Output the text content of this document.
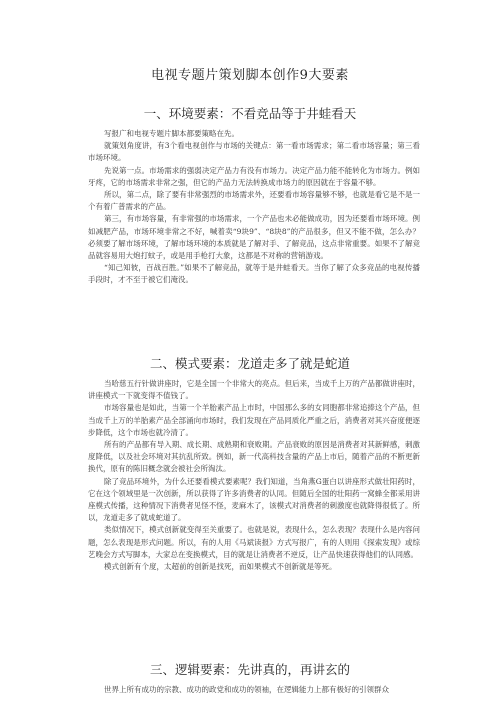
电视专题片策划脚本创作9大要素
一、环境要素：不看竞品等于井蛙看天

写报广和电视专题片脚本都要策略在先。

就策划角度讲，有3个看电视创作与市场的关键点：第一看市场需求；第二看市场容量；第三看市场环境。

先说第一点。市场需求的强弱决定产品力有没有市场力。决定产品力能不能转化为市场力。例如牙疼，它的市场需求非常之强，但它的产品力无法转换成市场力的原因就在于容量不够。

所以，第二点，除了要有非常强烈的市场需求外，还要看市场容量够不够，也就是看它是不是一个有着广普需求的产品。

第三，有市场容量，有非常强的市场需求，一个产品也未必能做成功，因为还要看市场环境。例如减肥产品，市场环境非常之不好，喊着卖“9块9”、“8块8”的产品很多，但又不能不做，怎么办？必须要了解市场环境，了解市场环境的本质就是了解对手、了解竞品，这点非常重要。如果不了解竞品就容易用大炮打蚊子，或是用手枪打大象，这都是不对称的营销游戏。

“知己知彼，百战百胜。”如果不了解竞品，就等于是井蛙看天。当你了解了众多竞品的电视传播手段时，才不至于被它们淹没。

二、模式要素：龙道走多了就是蛇道

当哈慈五行针做讲座时，它是全国一个非常大的亮点。但后来，当成千上万的产品都做讲座时，讲座模式一下就变得不值钱了。

市场容量也是如此，当第一个羊胎素产品上市时，中国那么多的女同胞都非常追捧这个产品，但当成千上万的羊胎素产品全部涌向市场时，我们发现在产品同质化严重之后，消费者对其兴奋度便逐步降低，这个市场也就冷清了。

所有的产品都有导入期、成长期、成熟期和衰败期。产品衰败的原因是消费者对其新鲜感，刺激度降低，以及社会环境对其抗乱所致。例如，新一代高科技含量的产品上市后，随着产品的不断更新换代，原有的陈旧概念就会被社会所淘汰。

除了竞品环境外，为什么还要看模式要素呢？我们知道，当角燕G蛋白以讲座形式做壮阳药时，它在这个领域里是一次创新，所以获得了许多消费者的认同。但随后全国的壮阳药一窝蜂全都采用讲座模式传播，这种情况下消费者见怪不怪，麦麻木了，该模式对消费者的刺激度也就降得很低了。所以，龙道走多了就成蛇道了。

类似情况下，模式创新就变得至关重要了。也就是说，表现什么，怎么表现？表现什么是内容问题，怎么表现是形式问题。所以，有的人用《马斌读报》方式写报广，有的人则用《探索发现》或综艺晚会方式写脚本，大家总在变换模式，目的就是让消费者不逆反，让产品快速获得他们的认同感。

模式创新有个度，太超前的创新是找死，而如果模式不创新就是等死。

三、逻辑要素：先讲真的，再讲玄的

世界上所有成功的宗教、成功的政党和成功的领袖，在逻辑能力上都有极好的引领群众
